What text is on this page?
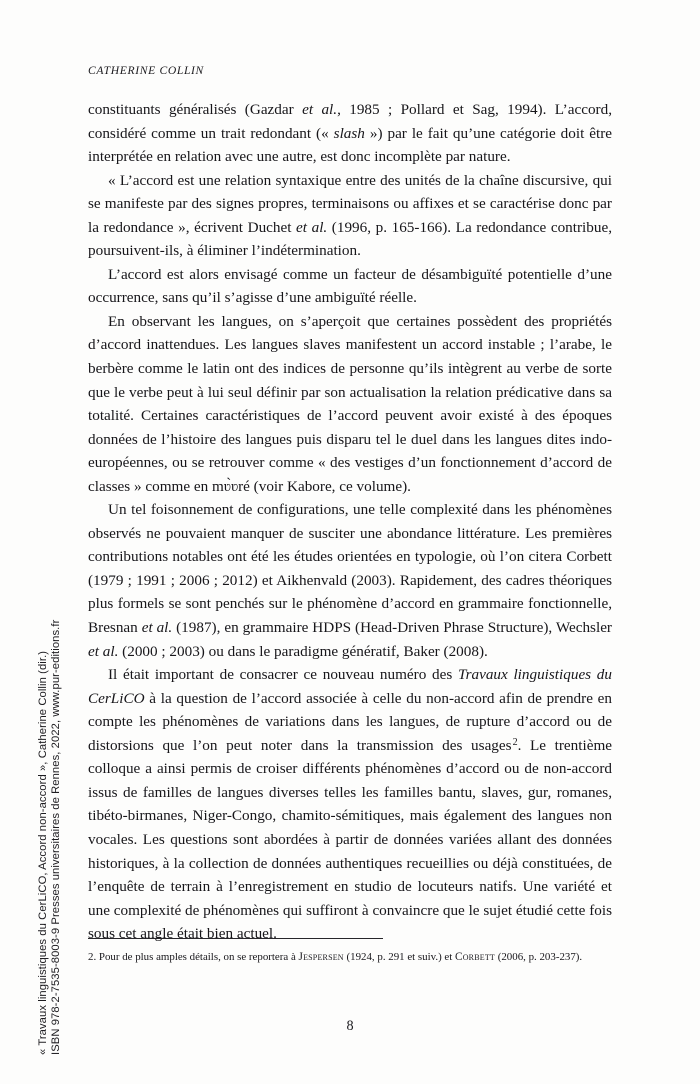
« Travaux linguistiques du CerLiCO, Accord non-accord », Catherine Collin (dir.) ISBN 978-2-7535-8003-9 Presses universitaires de Rennes, 2022, www.pur-editions.fr
CATHERINE COLLIN

constituants généralisés (Gazdar et al., 1985 ; Pollard et Sag, 1994). L’accord, considéré comme un trait redondant (« slash ») par le fait qu’une catégorie doit être interprétée en relation avec une autre, est donc incomplète par nature.

« L’accord est une relation syntaxique entre des unités de la chaîne discursive, qui se manifeste par des signes propres, terminaisons ou affixes et se caractérise donc par la redondance », écrivent Duchet et al. (1996, p. 165-166). La redondance contribue, poursuivent-ils, à éliminer l’indétermination.

L’accord est alors envisagé comme un facteur de désambiguïté potentielle d’une occurrence, sans qu’il s’agisse d’une ambiguïté réelle.

En observant les langues, on s’aperçoit que certaines possèdent des propriétés d’accord inattendues. Les langues slaves manifestent un accord instable ; l’arabe, le berbère comme le latin ont des indices de personne qu’ils intègrent au verbe de sorte que le verbe peut à lui seul définir par son actualisation la relation prédicative dans sa totalité. Certaines caractéristiques de l’accord peuvent avoir existé à des époques données de l’histoire des langues puis disparu tel le duel dans les langues dites indo-européennes, ou se retrouver comme « des vestiges d’un fonctionnement d’accord de classes » comme en mʋ̀ʋré (voir Kabore, ce volume).

Un tel foisonnement de configurations, une telle complexité dans les phénomènes observés ne pouvaient manquer de susciter une abondance littérature. Les premières contributions notables ont été les études orientées en typologie, où l’on citera Corbett (1979 ; 1991 ; 2006 ; 2012) et Aikhenvald (2003). Rapidement, des cadres théoriques plus formels se sont penchés sur le phénomène d’accord en grammaire fonctionnelle, Bresnan et al. (1987), en grammaire HDPS (Head-Driven Phrase Structure), Wechsler et al. (2000 ; 2003) ou dans le paradigme génératif, Baker (2008).

Il était important de consacrer ce nouveau numéro des Travaux linguistiques du CerLiCO à la question de l’accord associée à celle du non-accord afin de prendre en compte les phénomènes de variations dans les langues, de rupture d’accord ou de distorsions que l’on peut noter dans la transmission des usages$^2$. Le trentième colloque a ainsi permis de croiser différents phénomènes d’accord ou de non-accord issus de familles de langues diverses telles les familles bantu, slaves, gur, romanes, tibéto-birmanes, Niger-Congo, chamito-sémitiques, mais également des langues non vocales. Les questions sont abordées à partir de données variées allant des données historiques, à la collection de données authentiques recueillies ou déjà constituées, de l’enquête de terrain à l’enregistrement en studio de locuteurs natifs. Une variété et une complexité de phénomènes qui suffiront à convaincre que le sujet étudié cette fois sous cet angle était bien actuel.

2. Pour de plus amples détails, on se reportera à Jespersen (1924, p. 291 et suiv.) et Corbett (2006, p. 203-237).

8
